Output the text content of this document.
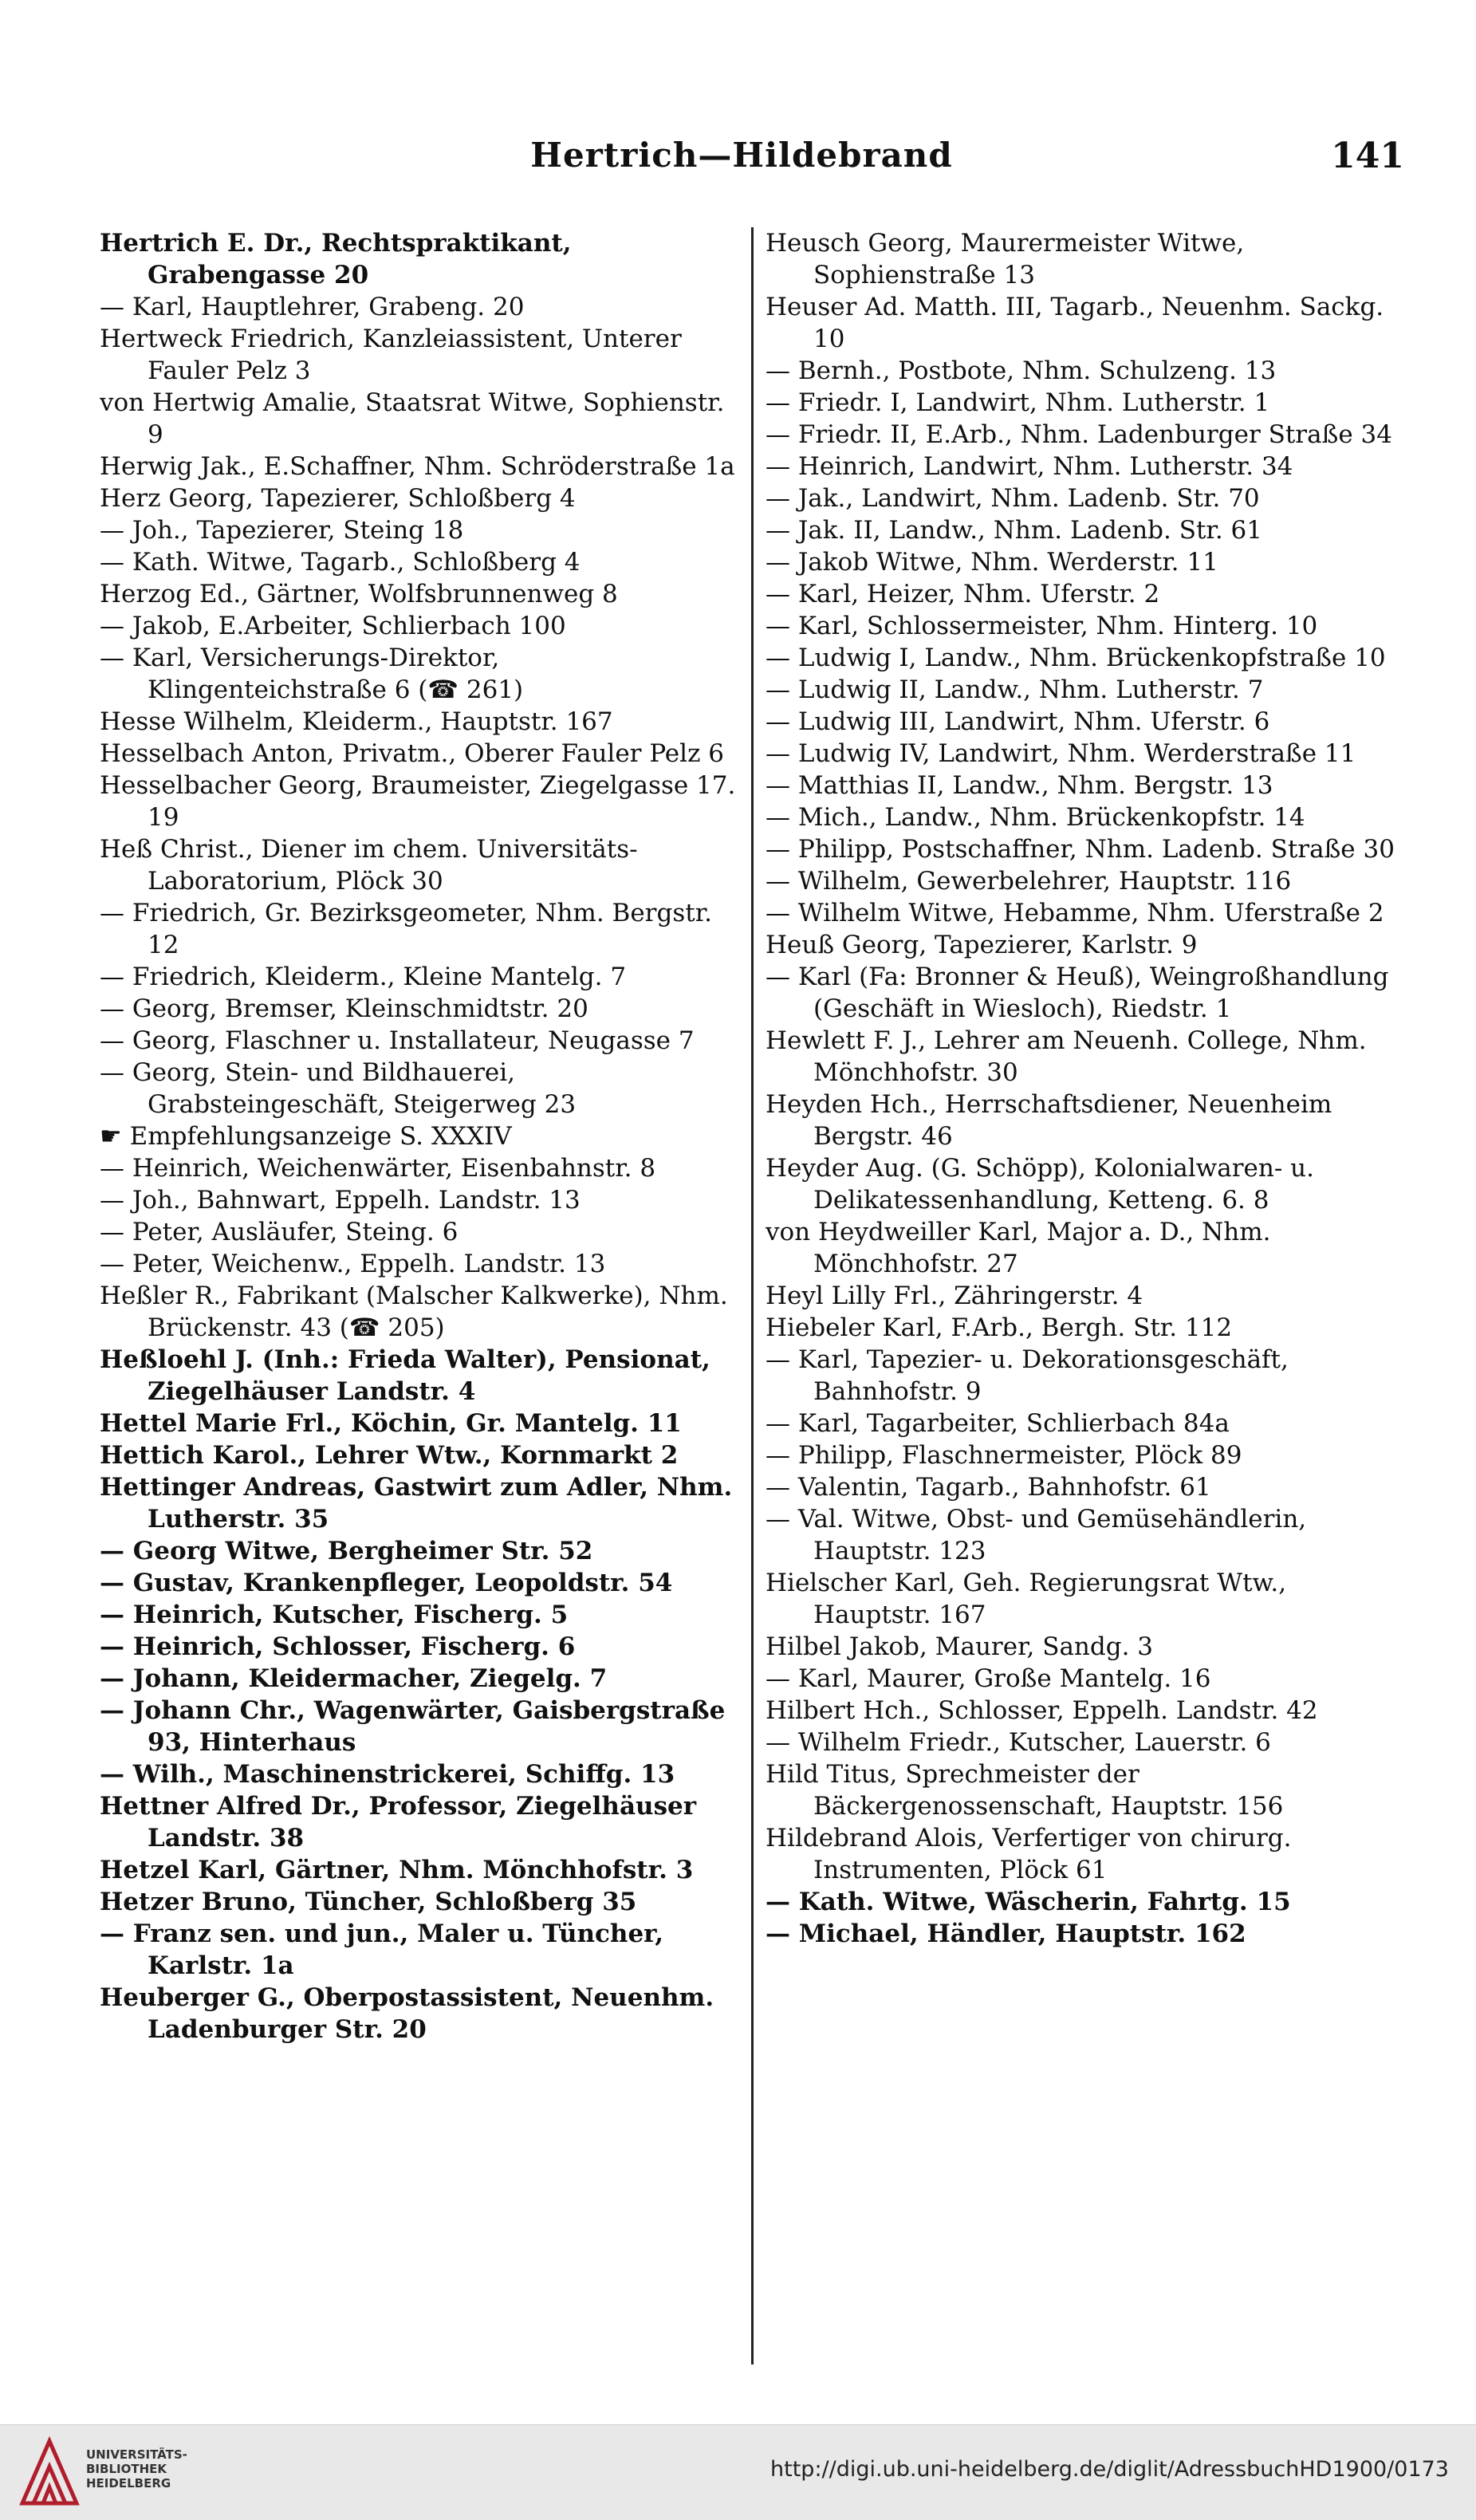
Hertrich—Hildebrand	141

Hertrich E. Dr., Rechtspraktikant, Grabengasse 20

— Karl, Hauptlehrer, Grabeng. 20

Hertweck Friedrich, Kanzleiassistent, Unterer Fauler Pelz 3

von Hertwig Amalie, Staatsrat Witwe, Sophienstr. 9

Herwig Jak., E.Schaffner, Nhm. Schröderstraße 1a

Herz Georg, Tapezierer, Schloßberg 4

— Joh., Tapezierer, Steing 18

— Kath. Witwe, Tagarb., Schloßberg 4

Herzog Ed., Gärtner, Wolfsbrunnenweg 8

— Jakob, E.Arbeiter, Schlierbach 100

— Karl, Versicherungs-Direktor, Klingenteichstraße 6 (☎ 261)

Hesse Wilhelm, Kleiderm., Hauptstr. 167

Hesselbach Anton, Privatm., Oberer Fauler Pelz 6

Hesselbacher Georg, Braumeister, Ziegelgasse 17. 19

Heß Christ., Diener im chem. Universitäts-Laboratorium, Plöck 30

— Friedrich, Gr. Bezirksgeometer, Nhm. Bergstr. 12

— Friedrich, Kleiderm., Kleine Mantelg. 7

— Georg, Bremser, Kleinschmidtstr. 20

— Georg, Flaschner u. Installateur, Neugasse 7

— Georg, Stein- und Bildhauerei, Grabsteingeschäft, Steigerweg 23

☛ Empfehlungsanzeige S. XXXIV

— Heinrich, Weichenwärter, Eisenbahnstr. 8

— Joh., Bahnwart, Eppelh. Landstr. 13

— Peter, Ausläufer, Steing. 6

— Peter, Weichenw., Eppelh. Landstr. 13

Heßler R., Fabrikant (Malscher Kalkwerke), Nhm. Brückenstr. 43 (☎ 205)

Heßloehl J. (Inh.: Frieda Walter), Pensionat, Ziegelhäuser Landstr. 4

Hettel Marie Frl., Köchin, Gr. Mantelg. 11

Hettich Karol., Lehrer Wtw., Kornmarkt 2

Hettinger Andreas, Gastwirt zum Adler, Nhm. Lutherstr. 35

— Georg Witwe, Bergheimer Str. 52

— Gustav, Krankenpfleger, Leopoldstr. 54

— Heinrich, Kutscher, Fischerg. 5

— Heinrich, Schlosser, Fischerg. 6

— Johann, Kleidermacher, Ziegelg. 7

— Johann Chr., Wagenwärter, Gaisbergstraße 93, Hinterhaus

— Wilh., Maschinenstrickerei, Schiffg. 13

Hettner Alfred Dr., Professor, Ziegelhäuser Landstr. 38

Hetzel Karl, Gärtner, Nhm. Mönchhofstr. 3

Hetzer Bruno, Tüncher, Schloßberg 35

— Franz sen. und jun., Maler u. Tüncher, Karlstr. 1a

Heuberger G., Oberpostassistent, Neuenhm. Ladenburger Str. 20

Heusch Georg, Maurermeister Witwe, Sophienstraße 13

Heuser Ad. Matth. III, Tagarb., Neuenhm. Sackg. 10

— Bernh., Postbote, Nhm. Schulzeng. 13

— Friedr. I, Landwirt, Nhm. Lutherstr. 1

— Friedr. II, E.Arb., Nhm. Ladenburger Straße 34

— Heinrich, Landwirt, Nhm. Lutherstr. 34

— Jak., Landwirt, Nhm. Ladenb. Str. 70

— Jak. II, Landw., Nhm. Ladenb. Str. 61

— Jakob Witwe, Nhm. Werderstr. 11

— Karl, Heizer, Nhm. Uferstr. 2

— Karl, Schlossermeister, Nhm. Hinterg. 10

— Ludwig I, Landw., Nhm. Brückenkopfstraße 10

— Ludwig II, Landw., Nhm. Lutherstr. 7

— Ludwig III, Landwirt, Nhm. Uferstr. 6

— Ludwig IV, Landwirt, Nhm. Werderstraße 11

— Matthias II, Landw., Nhm. Bergstr. 13

— Mich., Landw., Nhm. Brückenkopfstr. 14

— Philipp, Postschaffner, Nhm. Ladenb. Straße 30

— Wilhelm, Gewerbelehrer, Hauptstr. 116

— Wilhelm Witwe, Hebamme, Nhm. Uferstraße 2

Heuß Georg, Tapezierer, Karlstr. 9

— Karl (Fa: Bronner & Heuß), Weingroßhandlung (Geschäft in Wiesloch), Riedstr. 1

Hewlett F. J., Lehrer am Neuenh. College, Nhm. Mönchhofstr. 30

Heyden Hch., Herrschaftsdiener, Neuenheim Bergstr. 46

Heyder Aug. (G. Schöpp), Kolonialwaren- u. Delikatessenhandlung, Ketteng. 6. 8

von Heydweiller Karl, Major a. D., Nhm. Mönchhofstr. 27

Heyl Lilly Frl., Zähringerstr. 4

Hiebeler Karl, F.Arb., Bergh. Str. 112

— Karl, Tapezier- u. Dekorationsgeschäft, Bahnhofstr. 9

— Karl, Tagarbeiter, Schlierbach 84a

— Philipp, Flaschnermeister, Plöck 89

— Valentin, Tagarb., Bahnhofstr. 61

— Val. Witwe, Obst- und Gemüsehändlerin, Hauptstr. 123

Hielscher Karl, Geh. Regierungsrat Wtw., Hauptstr. 167

Hilbel Jakob, Maurer, Sandg. 3

— Karl, Maurer, Große Mantelg. 16

Hilbert Hch., Schlosser, Eppelh. Landstr. 42

— Wilhelm Friedr., Kutscher, Lauerstr. 6

Hild Titus, Sprechmeister der Bäckergenossenschaft, Hauptstr. 156

Hildebrand Alois, Verfertiger von chirurg. Instrumenten, Plöck 61

— Kath. Witwe, Wäscherin, Fahrtg. 15

— Michael, Händler, Hauptstr. 162

UNIVERSITÄTS-
BIBLIOTHEK
HEIDELBERG
http://digi.ub.uni-heidelberg.de/diglit/AdressbuchHD1900/0173
